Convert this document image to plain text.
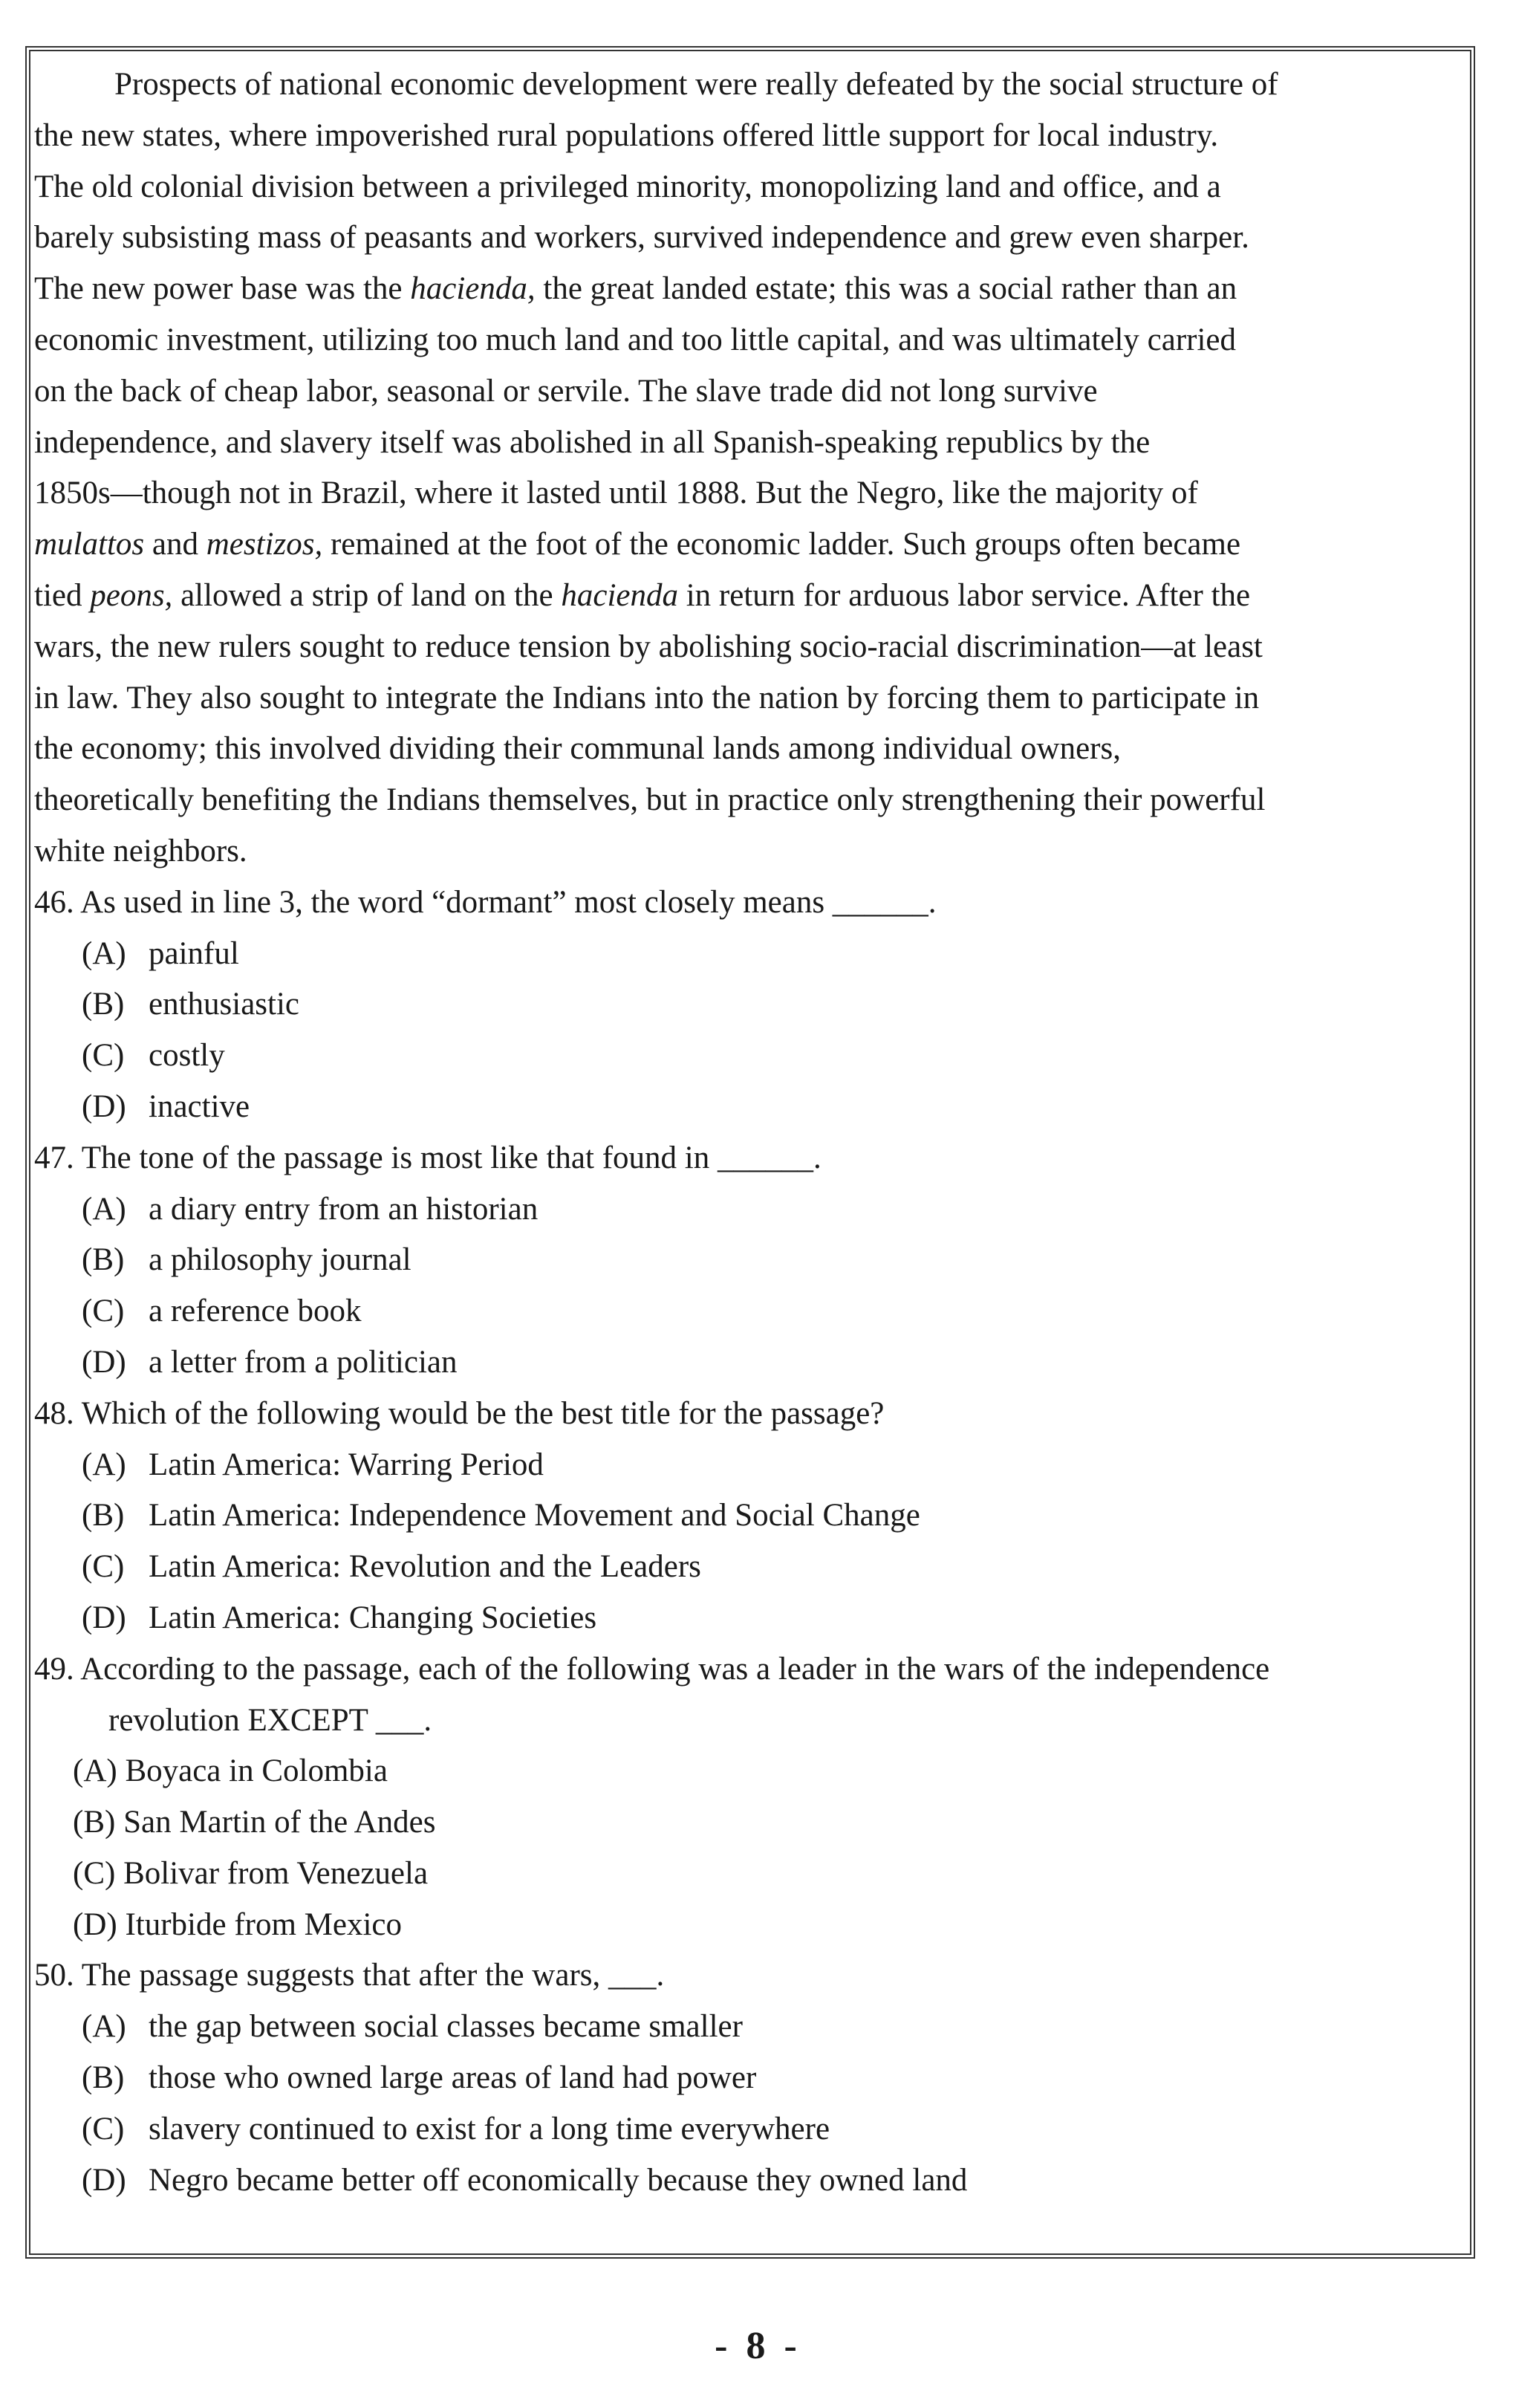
Prospects of national economic development were really defeated by the social structure of
the new states, where impoverished rural populations offered little support for local industry.
The old colonial division between a privileged minority, monopolizing land and office, and a
barely subsisting mass of peasants and workers, survived independence and grew even sharper.
The new power base was the hacienda, the great landed estate; this was a social rather than an
economic investment, utilizing too much land and too little capital, and was ultimately carried
on the back of cheap labor, seasonal or servile. The slave trade did not long survive
independence, and slavery itself was abolished in all Spanish-speaking republics by the
1850s—though not in Brazil, where it lasted until 1888. But the Negro, like the majority of
mulattos and mestizos, remained at the foot of the economic ladder. Such groups often became
tied peons, allowed a strip of land on the hacienda in return for arduous labor service. After the
wars, the new rulers sought to reduce tension by abolishing socio-racial discrimination—at least
in law. They also sought to integrate the Indians into the nation by forcing them to participate in
the economy; this involved dividing their communal lands among individual owners,
theoretically benefiting the Indians themselves, but in practice only strengthening their powerful
white neighbors.
46. As used in line 3, the word “dormant” most closely means ______.
(A) painful
(B) enthusiastic
(C) costly
(D) inactive
47. The tone of the passage is most like that found in ______.
(A) a diary entry from an historian
(B) a philosophy journal
(C) a reference book
(D) a letter from a politician
48. Which of the following would be the best title for the passage?
(A) Latin America: Warring Period
(B) Latin America: Independence Movement and Social Change
(C) Latin America: Revolution and the Leaders
(D) Latin America: Changing Societies
49. According to the passage, each of the following was a leader in the wars of the independence
revolution EXCEPT ___.
(A) Boyaca in Colombia
(B) San Martin of the Andes
(C) Bolivar from Venezuela
(D) Iturbide from Mexico
50. The passage suggests that after the wars, ___.
(A) the gap between social classes became smaller
(B) those who owned large areas of land had power
(C) slavery continued to exist for a long time everywhere
(D) Negro became better off economically because they owned land
- 8 -
